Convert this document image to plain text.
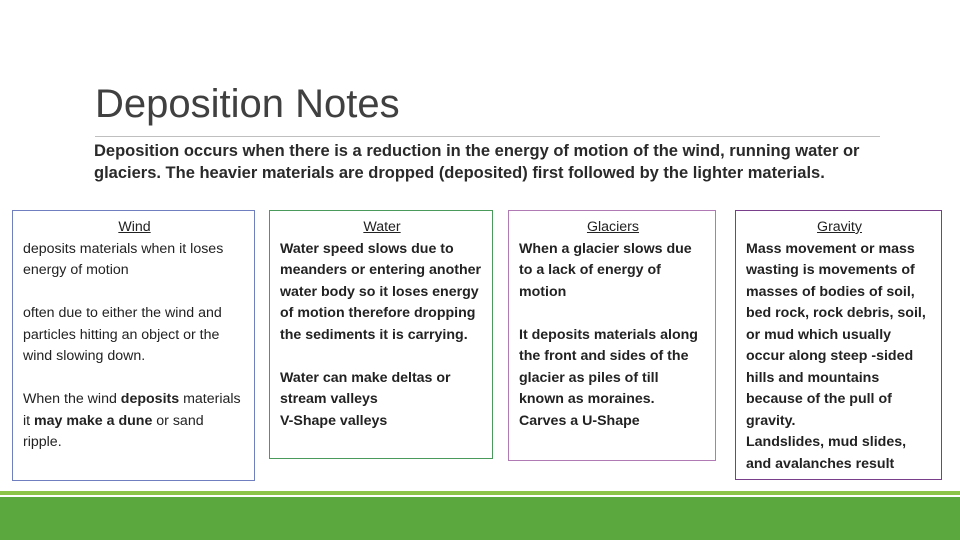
Deposition Notes

Deposition occurs when there is a reduction in the energy of motion of the wind, running water or glaciers. The heavier materials are dropped (deposited) first followed by the lighter materials.

Wind

deposits materials when it loses energy of motion

often due to either the wind and particles hitting an object or the wind slowing down.

When the wind deposits materials it may make a dune or sand ripple.

Water

Water speed slows due to meanders or entering another water body so it loses energy of motion therefore dropping the sediments it is carrying.

Water can make deltas or stream valleys

V-Shape valleys

Glaciers

When a glacier slows due to a lack of energy of motion

It deposits materials along the front and sides of the glacier as piles of till known as moraines.

Carves a U-Shape

Gravity

Mass movement or mass wasting is movements of masses of bodies of soil, bed rock, rock debris, soil, or mud which usually occur along steep -sided hills and mountains because of the pull of gravity.

Landslides, mud slides, and avalanches result
